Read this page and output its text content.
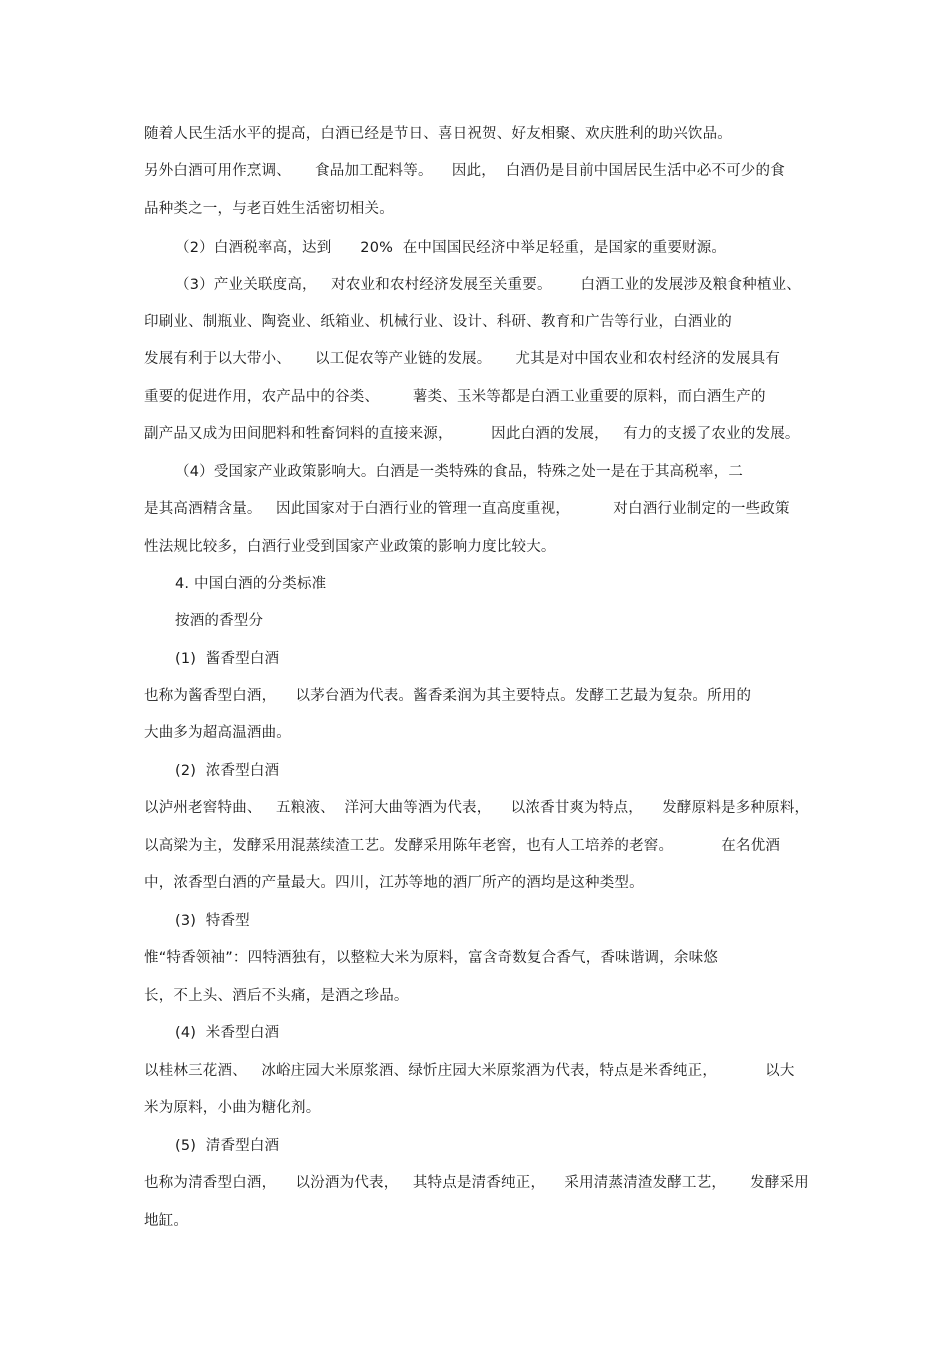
随着人民生活水平的提高，白酒已经是节日、喜日祝贺、好友相聚、欢庆胜利的助兴饮品。
另外白酒可用作烹调、     食品加工配料等。    因此，  白酒仍是目前中国居民生活中必不可少的食
品种类之一，与老百姓生活密切相关。
（2）白酒税率高，达到      20%  在中国国民经济中举足轻重，是国家的重要财源。
（3）产业关联度高，   对农业和农村经济发展至关重要。      白酒工业的发展涉及粮食种植业、
印刷业、制瓶业、陶瓷业、纸箱业、机械行业、设计、科研、教育和广告等行业，白酒业的
发展有利于以大带小、     以工促农等产业链的发展。     尤其是对中国农业和农村经济的发展具有
重要的促进作用，农产品中的谷类、       薯类、玉米等都是白酒工业重要的原料，而白酒生产的
副产品又成为田间肥料和牲畜饲料的直接来源，        因此白酒的发展，   有力的支援了农业的发展。
（4）受国家产业政策影响大。白酒是一类特殊的食品，特殊之处一是在于其高税率，二
是其高酒精含量。   因此国家对于白酒行业的管理一直高度重视，         对白酒行业制定的一些政策
性法规比较多，白酒行业受到国家产业政策的影响力度比较大。
4. 中国白酒的分类标准
按酒的香型分
(1)  酱香型白酒
也称为酱香型白酒，    以茅台酒为代表。酱香柔润为其主要特点。发酵工艺最为复杂。所用的
大曲多为超高温酒曲。
(2)  浓香型白酒
以泸州老窖特曲、   五粮液、  洋河大曲等酒为代表，    以浓香甘爽为特点，    发酵原料是多种原料，
以高梁为主，发酵采用混蒸续渣工艺。发酵采用陈年老窖，也有人工培养的老窖。          在名优酒
中，浓香型白酒的产量最大。四川，江苏等地的酒厂所产的酒均是这种类型。
(3)  特香型
惟“特香领袖”：四特酒独有，以整粒大米为原料，富含奇数复合香气，香味谐调，余味悠
长，不上头、酒后不头痛，是酒之珍品。
(4)  米香型白酒
以桂林三花酒、   冰峪庄园大米原浆酒、绿忻庄园大米原浆酒为代表，特点是米香纯正，          以大
米为原料，小曲为糖化剂。
(5)  清香型白酒
也称为清香型白酒，    以汾酒为代表，   其特点是清香纯正，    采用清蒸清渣发酵工艺，     发酵采用
地缸。
